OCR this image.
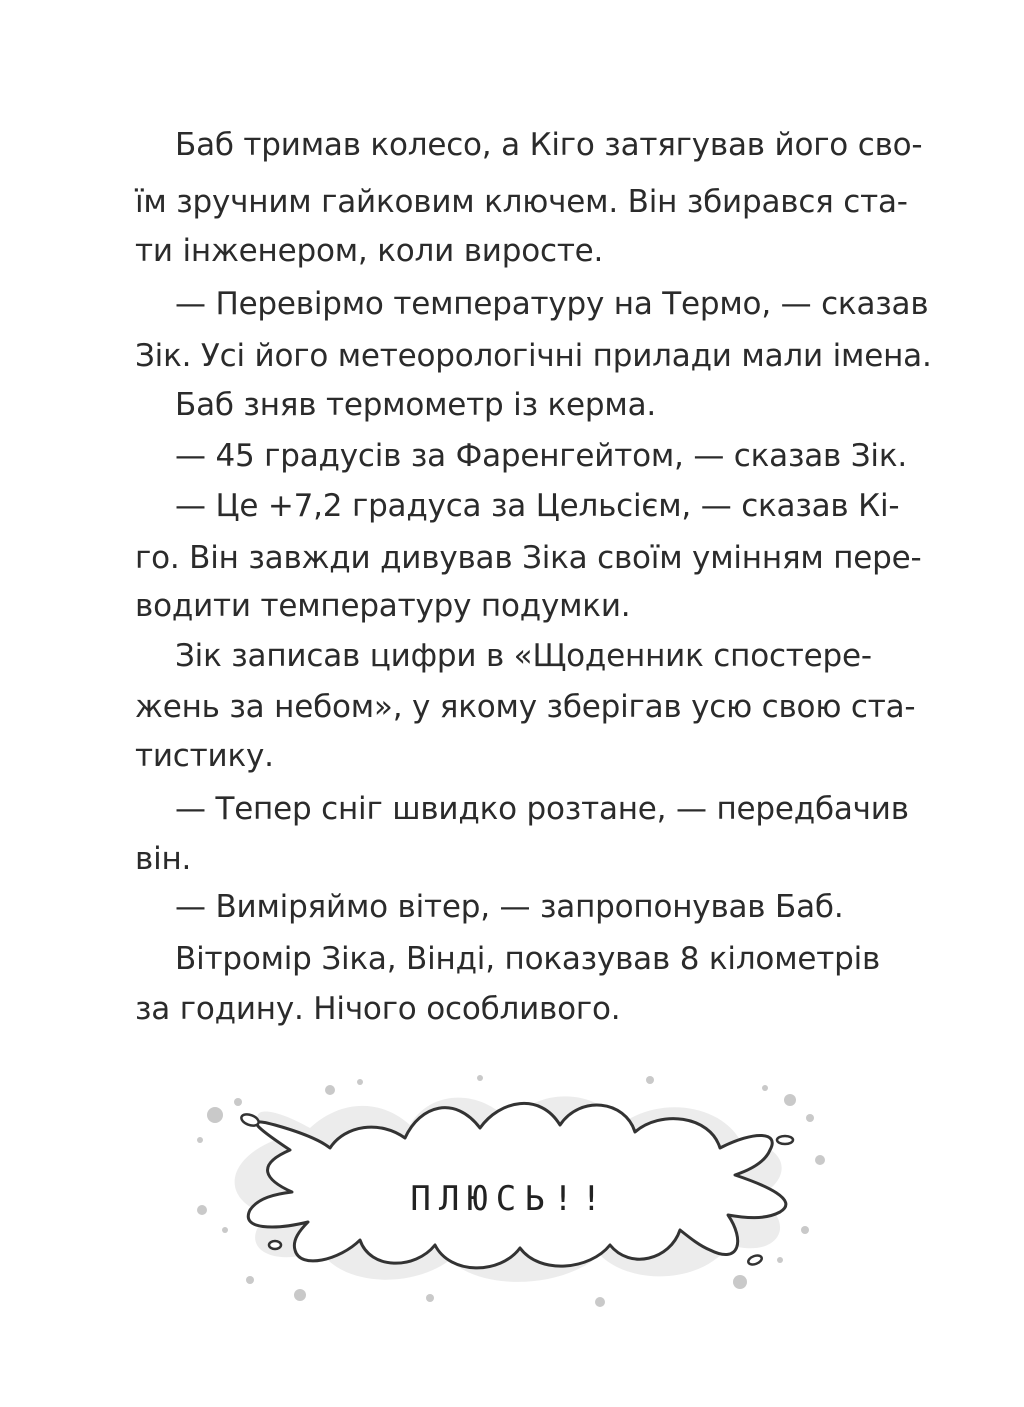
Баб тримав колесо, а Кіго затягував його сво-
їм зручним гайковим ключем. Він збирався ста-
ти інженером, коли виросте.
— Перевірмо температуру на Термо, — сказав
Зік. Усі його метеорологічні прилади мали імена.
Баб зняв термометр із керма.
— 45 градусів за Фаренгейтом, — сказав Зік.
— Це +7,2 градуса за Цельсієм, — сказав Кі-
го. Він завжди дивував Зіка своїм умінням пере-
водити температуру подумки.
Зік записав цифри в «Щоденник спостере-
жень за небом», у якому зберігав усю свою ста-
тистику.
— Тепер сніг швидко розтане, — передбачив
він.
— Виміряймо вітер, — запропонував Баб.
Вітромір Зіка, Вінді, показував 8 кілометрів
за годину. Нічого особливого.
ПЛЮСЬ!!
